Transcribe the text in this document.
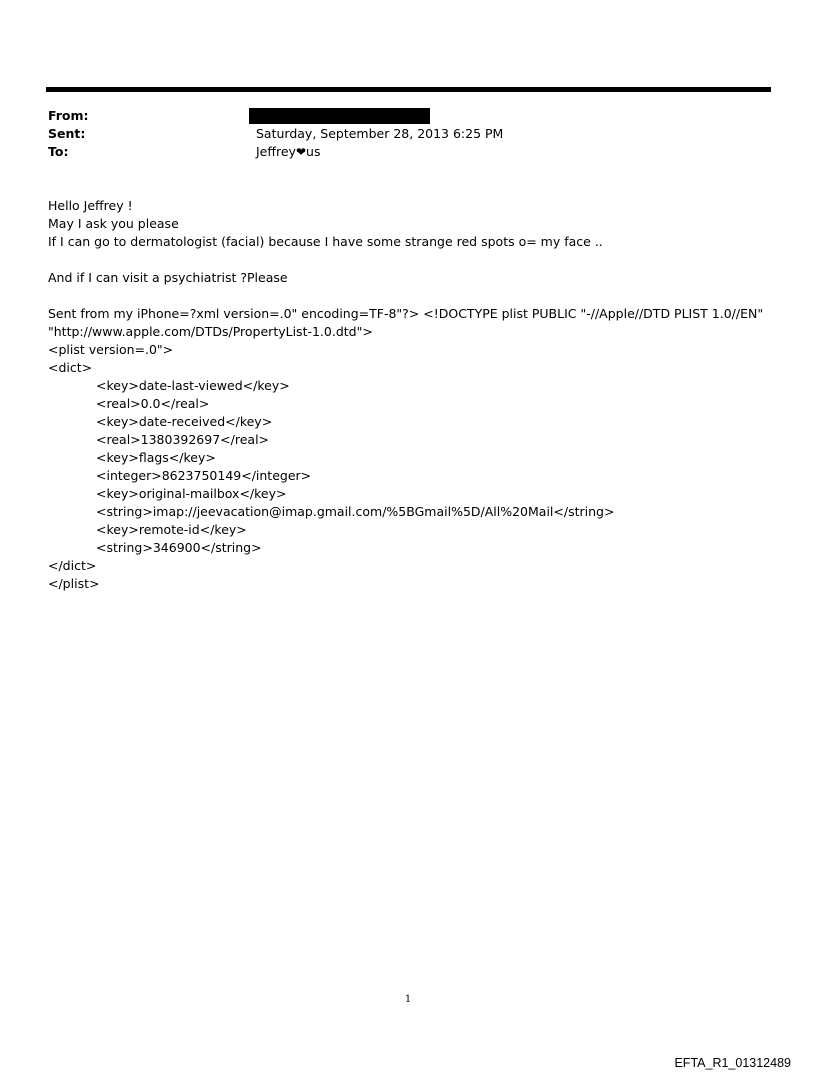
From:
Sent:	Saturday, September 28, 2013 6:25 PM
To:	Jeffrey❤us
Hello Jeffrey !
May I ask you please
If I can go to dermatologist (facial) because I have some strange red spots o= my face ..
And if I can visit a psychiatrist ?Please
Sent from my iPhone=?xml version=.0" encoding=TF-8"?> <!DOCTYPE plist PUBLIC "-//Apple//DTD PLIST 1.0//EN"
"http://www.apple.com/DTDs/PropertyList-1.0.dtd">
<plist version=.0">
<dict>
<key>date-last-viewed</key>
<real>0.0</real>
<key>date-received</key>
<real>1380392697</real>
<key>flags</key>
<integer>8623750149</integer>
<key>original-mailbox</key>
<string>imap://jeevacation@imap.gmail.com/%5BGmail%5D/All%20Mail</string>
<key>remote-id</key>
<string>346900</string>
</dict>
</plist>
1
EFTA_R1_01312489
